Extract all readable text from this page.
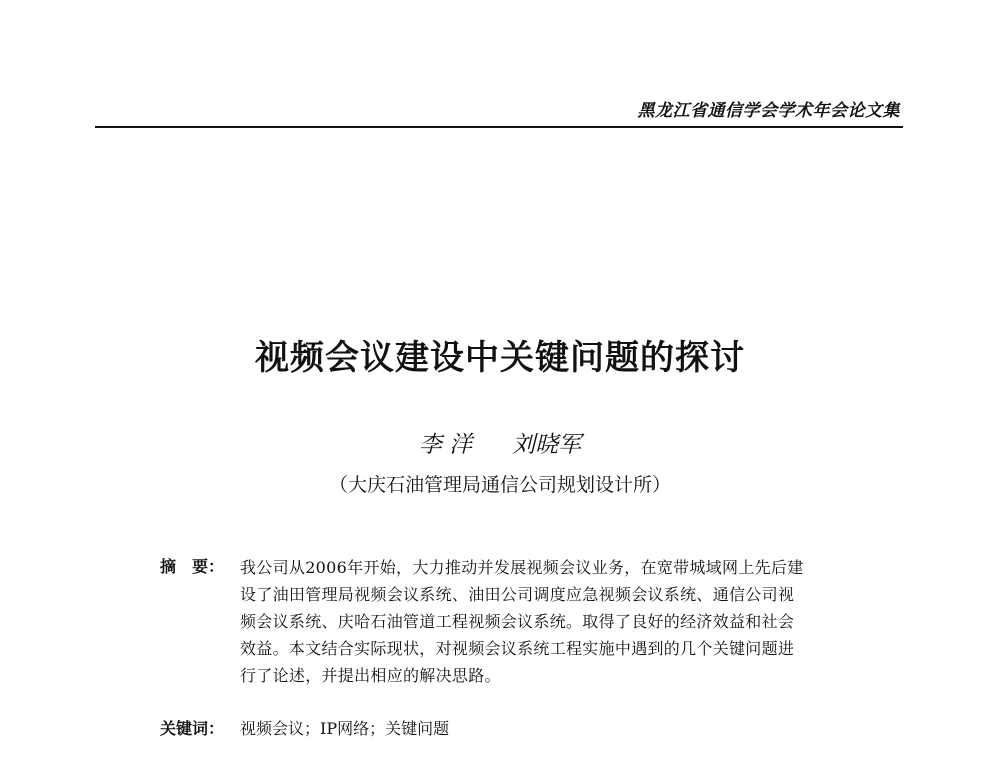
黑龙江省通信学会学术年会论文集
视频会议建设中关键问题的探讨
李 洋 刘晓军
（大庆石油管理局通信公司规划设计所）
摘　要： 我公司从2006年开始，大力推动并发展视频会议业务，在宽带城域网上先后建
设了油田管理局视频会议系统、油田公司调度应急视频会议系统、通信公司视
频会议系统、庆哈石油管道工程视频会议系统。取得了良好的经济效益和社会
效益。本文结合实际现状，对视频会议系统工程实施中遇到的几个关键问题进
行了论述，并提出相应的解决思路。
关键词： 视频会议；IP网络；关键问题
